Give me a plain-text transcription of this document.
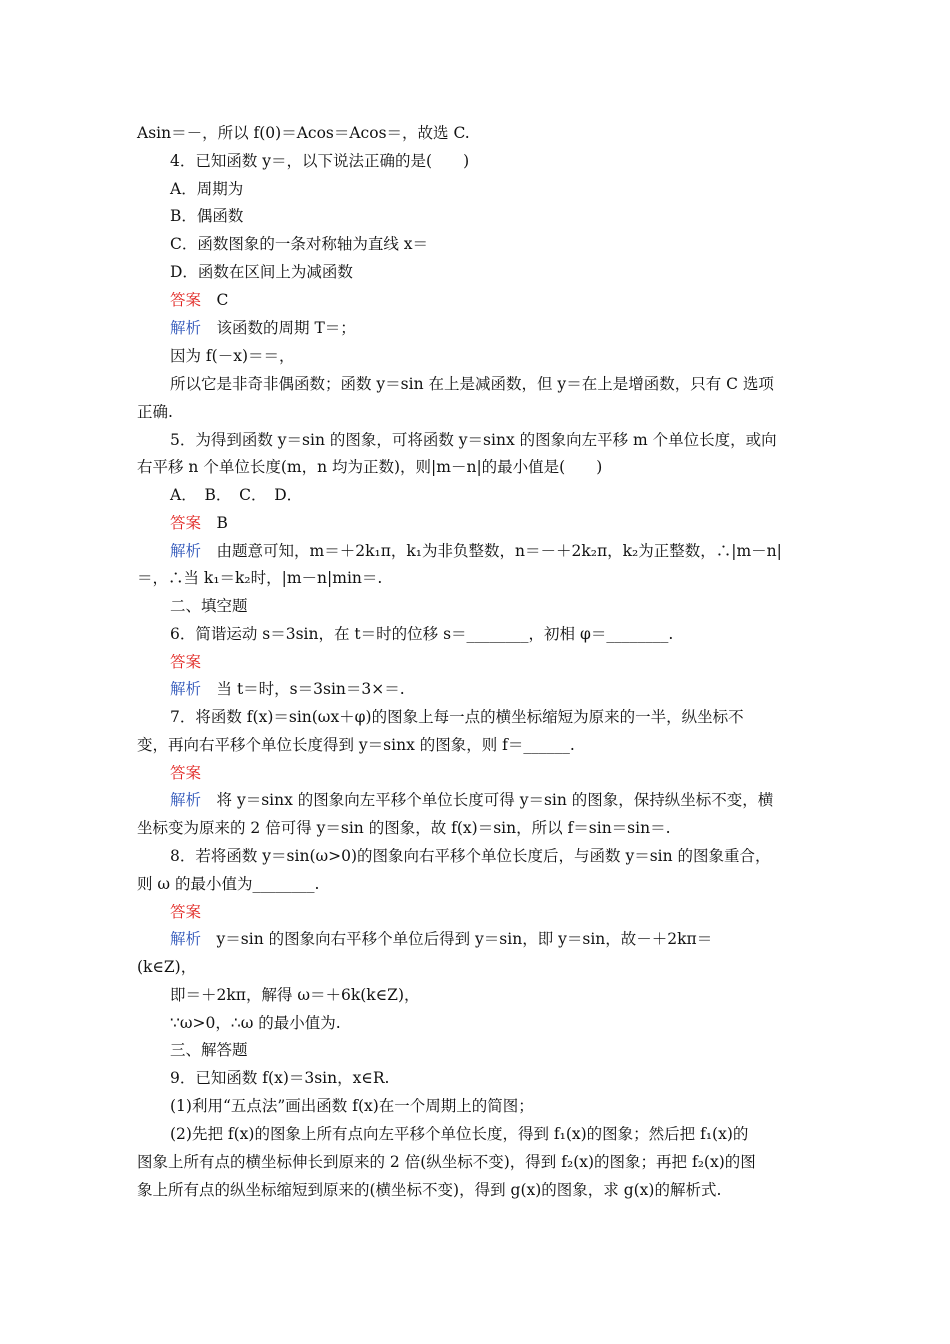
Asin＝－，所以 f(0)＝Acos＝Acos＝，故选 C.
4．已知函数 y＝，以下说法正确的是(　　)
A．周期为
B．偶函数
C．函数图象的一条对称轴为直线 x＝
D．函数在区间上为减函数
答案　 C
解析　 该函数的周期 T＝；
因为 f(－x)＝＝，
所以它是非奇非偶函数；函数 y＝sin 在上是减函数，但 y＝在上是增函数，只有 C 选项
正确.
5．为得到函数 y＝sin 的图象，可将函数 y＝sinx 的图象向左平移 m 个单位长度，或向
右平移 n 个单位长度(m，n 均为正数)，则|m－n|的最小值是(　　)
A．　B．　C．　D．
答案　 B
解析　 由题意可知，m＝＋2k₁π，k₁为非负整数，n＝－＋2k₂π，k₂为正整数，∴|m－n|
＝，∴当 k₁＝k₂时，|m－n|min＝.
二、填空题
6．简谐运动 s＝3sin，在 t＝时的位移 s＝________，初相 φ＝________.
答案
解析　 当 t＝时，s＝3sin＝3×＝.
7．将函数 f(x)＝sin(ωx＋φ)的图象上每一点的横坐标缩短为原来的一半，纵坐标不
变，再向右平移个单位长度得到 y＝sinx 的图象，则 f＝______.
答案
解析　 将 y＝sinx 的图象向左平移个单位长度可得 y＝sin 的图象，保持纵坐标不变，横
坐标变为原来的 2 倍可得 y＝sin 的图象，故 f(x)＝sin，所以 f＝sin＝sin＝.
8．若将函数 y＝sin(ω>0)的图象向右平移个单位长度后，与函数 y＝sin 的图象重合，
则 ω 的最小值为________.
答案
解析　 y＝sin 的图象向右平移个单位后得到 y＝sin，即 y＝sin，故－＋2kπ＝
(k∈Z)，
即＝＋2kπ，解得 ω＝＋6k(k∈Z)，
∵ω>0，∴ω 的最小值为.
三、解答题
9．已知函数 f(x)＝3sin，x∈R.
(1)利用“五点法”画出函数 f(x)在一个周期上的简图；
(2)先把 f(x)的图象上所有点向左平移个单位长度，得到 f₁(x)的图象；然后把 f₁(x)的
图象上所有点的横坐标伸长到原来的 2 倍(纵坐标不变)，得到 f₂(x)的图象；再把 f₂(x)的图
象上所有点的纵坐标缩短到原来的(横坐标不变)，得到 g(x)的图象，求 g(x)的解析式.
